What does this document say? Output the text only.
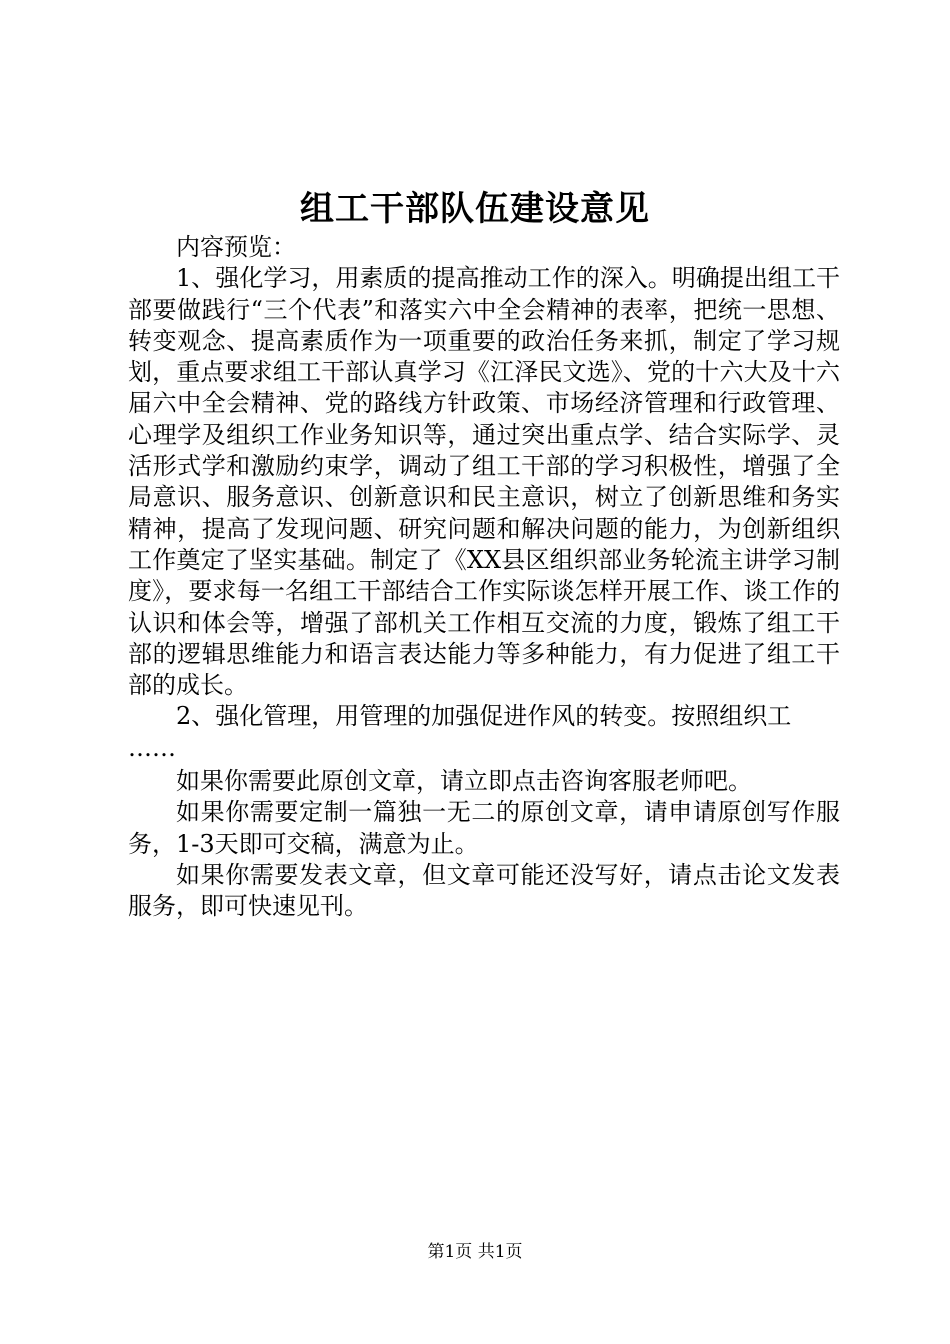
组工干部队伍建设意见

内容预览：

1、强化学习，用素质的提高推动工作的深入。明确提出组工干部要做践行“三个代表”和落实六中全会精神的表率，把统一思想、转变观念、提高素质作为一项重要的政治任务来抓，制定了学习规划，重点要求组工干部认真学习《江泽民文选》、党的十六大及十六届六中全会精神、党的路线方针政策、市场经济管理和行政管理、心理学及组织工作业务知识等，通过突出重点学、结合实际学、灵活形式学和激励约束学，调动了组工干部的学习积极性，增强了全局意识、服务意识、创新意识和民主意识，树立了创新思维和务实精神，提高了发现问题、研究问题和解决问题的能力，为创新组织工作奠定了坚实基础。制定了《XX县区组织部业务轮流主讲学习制度》，要求每一名组工干部结合工作实际谈怎样开展工作、谈工作的认识和体会等，增强了部机关工作相互交流的力度，锻炼了组工干部的逻辑思维能力和语言表达能力等多种能力，有力促进了组工干部的成长。

2、强化管理，用管理的加强促进作风的转变。按照组织工

……

如果你需要此原创文章，请立即点击咨询客服老师吧。

如果你需要定制一篇独一无二的原创文章，请申请原创写作服务，1-3天即可交稿，满意为止。

如果你需要发表文章，但文章可能还没写好，请点击论文发表服务，即可快速见刊。

第1页 共1页
